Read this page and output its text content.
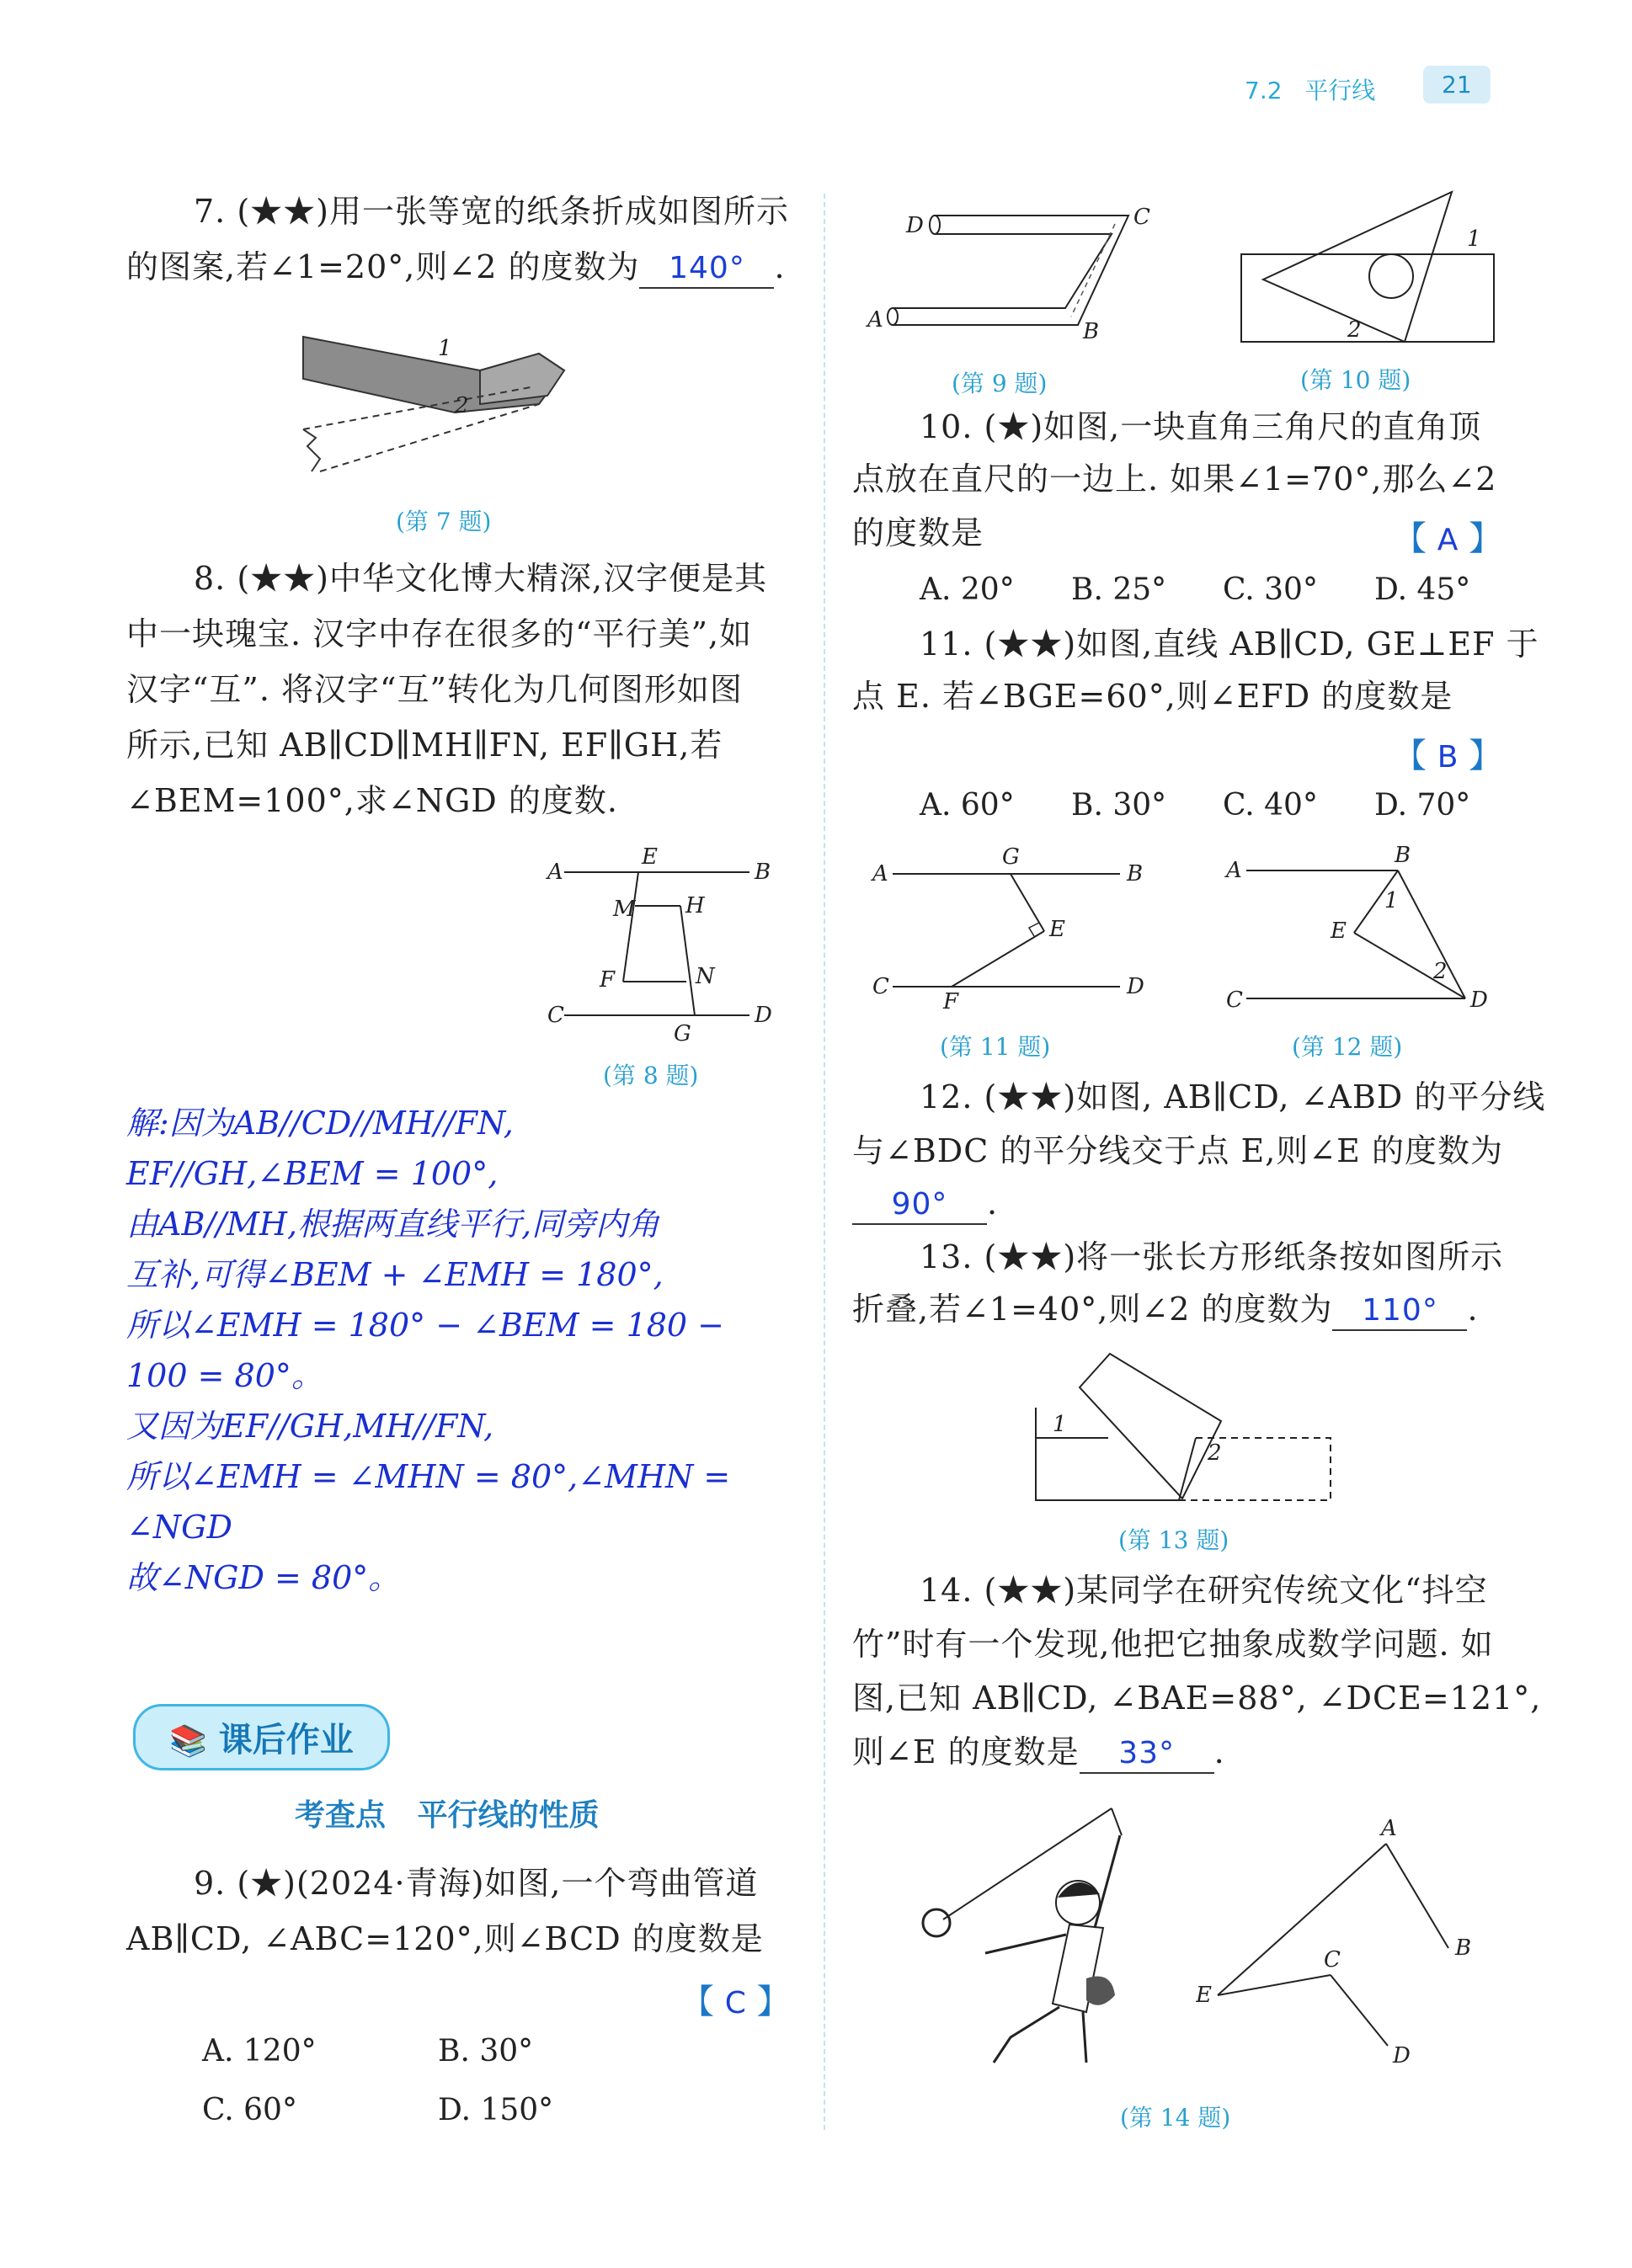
7.2 平行线	21
7. (★★)用一张等宽的纸条折成如图所示
的图案,若∠1=20°,则∠2 的度数为 140° .
1
2
(第 7 题)
8. (★★)中华文化博大精深,汉字便是其
中一块瑰宝. 汉字中存在很多的“平行美”,如
汉字“互”. 将汉字“互”转化为几何图形如图
所示,已知 AB∥CD∥MH∥FN, EF∥GH,若
∠BEM=100°,求∠NGD 的度数.
A
E
B
M H
F	N
C
G
D
(第 8 题)
解:因为AB//CD//MH//FN,
EF//GH,∠BEM = 100°,
由AB//MH,根据两直线平行,同旁内角
互补,可得∠BEM + ∠EMH = 180°,
所以∠EMH = 180° − ∠BEM = 180 −
100 = 80°。
又因为EF//GH,MH//FN,
所以∠EMH = ∠MHN = 80°,∠MHN =
∠NGD
故∠NGD = 80°。
📚 课后作业
考查点   平行线的性质
9. (★)(2024·青海)如图,一个弯曲管道
AB∥CD, ∠ABC=120°,则∠BCD 的度数是
【 C 】
A. 120°	B. 30°
C. 60°	D. 150°
D	C
A	B
(第 9 题)
1
2
(第 10 题)
10. (★)如图,一块直角三角尺的直角顶
点放在直尺的一边上. 如果∠1=70°,那么∠2
的度数是	【 A 】
A. 20° B. 25° C. 30° D. 45°
11. (★★)如图,直线 AB∥CD, GE⊥EF 于
点 E. 若∠BGE=60°,则∠EFD 的度数是
【 B 】
A. 60° B. 30° C. 40° D. 70°
A
G
B
E
C
F
D
(第 11 题)
A
B
1
E
2
C	D
(第 12 题)
12. (★★)如图, AB∥CD, ∠ABD 的平分线
与∠BDC 的平分线交于点 E,则∠E 的度数为
90° .
13. (★★)将一张长方形纸条按如图所示
折叠,若∠1=40°,则∠2 的度数为 110° .
1
2
(第 13 题)
14. (★★)某同学在研究传统文化“抖空
竹”时有一个发现,他把它抽象成数学问题. 如
图,已知 AB∥CD, ∠BAE=88°, ∠DCE=121°,
则∠E 的度数是 33° .
A
B
C
E
D
(第 14 题)
